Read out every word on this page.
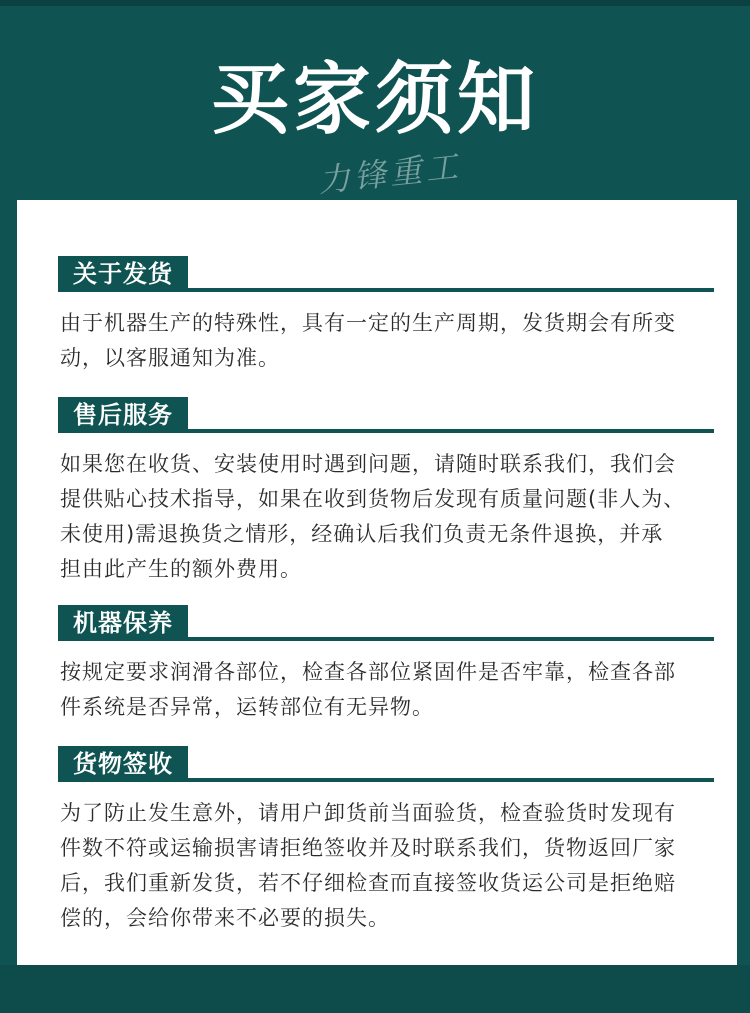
买家须知
力锋重工
关于发货
由于机器生产的特殊性，具有一定的生产周期，发货期会有所变
动，以客服通知为准。
售后服务
如果您在收货、安装使用时遇到问题，请随时联系我们，我们会
提供贴心技术指导，如果在收到货物后发现有质量问题(非人为、
未使用)需退换货之情形，经确认后我们负责无条件退换，并承
担由此产生的额外费用。
机器保养
按规定要求润滑各部位，检查各部位紧固件是否牢靠，检查各部
件系统是否异常，运转部位有无异物。
货物签收
为了防止发生意外，请用户卸货前当面验货，检查验货时发现有
件数不符或运输损害请拒绝签收并及时联系我们，货物返回厂家
后，我们重新发货，若不仔细检查而直接签收货运公司是拒绝赔
偿的，会给你带来不必要的损失。
